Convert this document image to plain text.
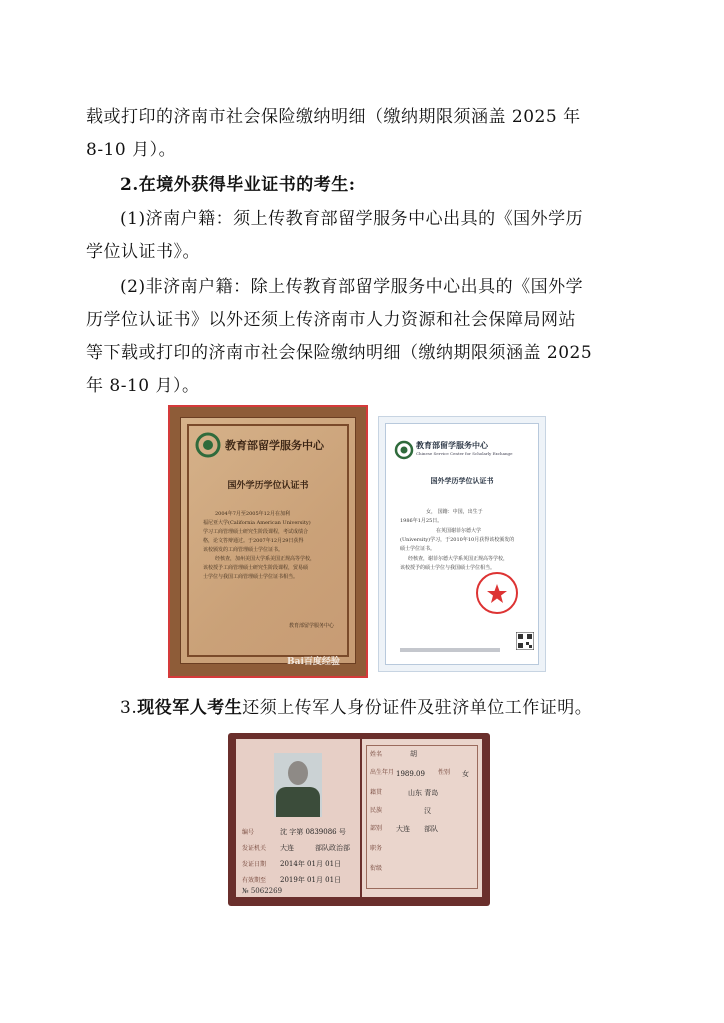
载或打印的济南市社会保险缴纳明细（缴纳期限须涵盖 2025 年
8-10 月）。
2.在境外获得毕业证书的考生:
(1)济南户籍：须上传教育部留学服务中心出具的《国外学历
学位认证书》。
(2)非济南户籍：除上传教育部留学服务中心出具的《国外学
历学位认证书》以外还须上传济南市人力资源和社会保障局网站
等下载或打印的济南市社会保险缴纳明细（缴纳期限须涵盖 2025
年 8-10 月）。
教育部留学服务中心
国外学历学位认证书
2004年7月至2005年12月在加利
福尼亚大学(California American University)
学习工商管理硕士研究生阶段课程，考试成绩合
格，论文答辩通过。于2007年12月29日获得
该校颁发的工商管理硕士学位证书。
经核查，加州美国大学系美国正规高等学校，
该校授予工商管理硕士研究生阶段课程，贸易硕
士学位与我国工商管理硕士学位证书相当。
教育部留学服务中心
Bai百度经验
教育部留学服务中心
Chinese Service Center for Scholarly Exchange
国外学历学位认证书
女， 国籍：中国，出生于
1986年1月25日。
在英国谢菲尔德大学
(University)学习，于2010年10月获得该校颁发的
硕士学位证书。
经核查，谢菲尔德大学系英国正规高等学校，
该校授予的硕士学位与我国硕士学位相当。
3.现役军人考生还须上传军人身份证件及驻济单位工作证明。
编号	沈 字第 0839086 号
发证机关 大连　　　部队政治部
发证日期 2014年 01月 01日
有效期至 2019年 01月 01日
№ 5062269
姓名	胡
出生年月 1989.09 性别 女
籍贯	山东 青岛
民族	汉
部别 大连　　部队
职务
衔级
